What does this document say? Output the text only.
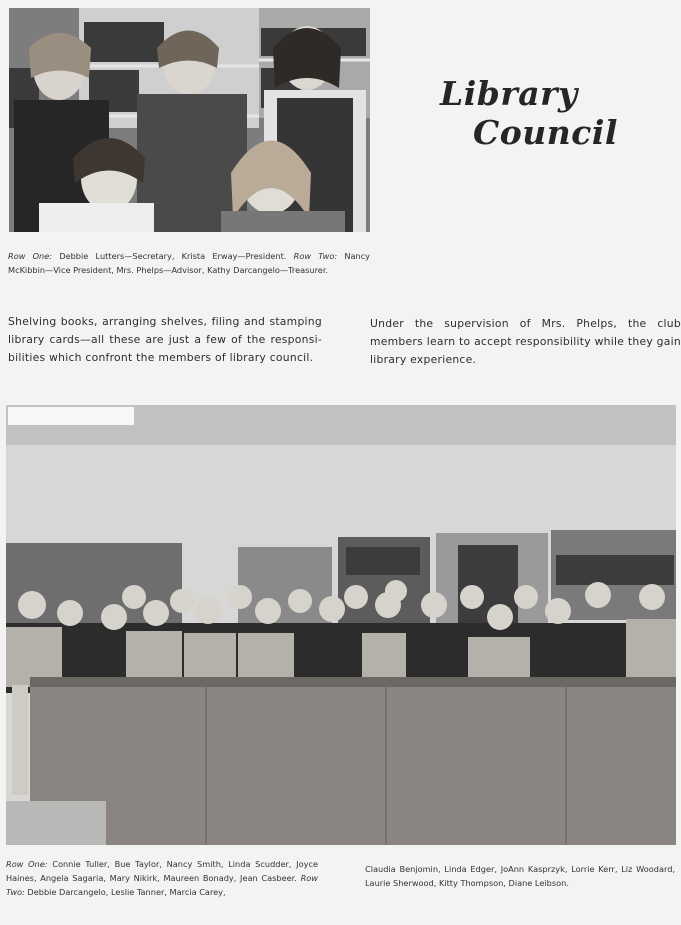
Library
Council
Row One: Debbie Lutters—Secretary, Krista Erway—President. Row Two: Nancy McKibbin—Vice President, Mrs. Phelps—Advisor, Kathy Darcangelo—Treasurer.
Shelving books, arranging shelves, filing and stamping library cards—all these are just a few of the responsi-bilities which confront the members of library council.
Under the supervision of Mrs. Phelps, the club members learn to accept responsibility while they gain library experience.
Row One: Connie Tuller, Bue Taylor, Nancy Smith, Linda Scudder, Joyce Haines, Angela Sagaria, Mary Nikirk, Maureen Bonady, Jean Casbeer. Row Two: Debbie Darcangelo, Leslie Tanner, Marcia Carey,
Claudia Benjomin, Linda Edger, JoAnn Kasprzyk, Lorrie Kerr, Liz Woodard, Laurie Sherwood, Kitty Thompson, Diane Leibson.
